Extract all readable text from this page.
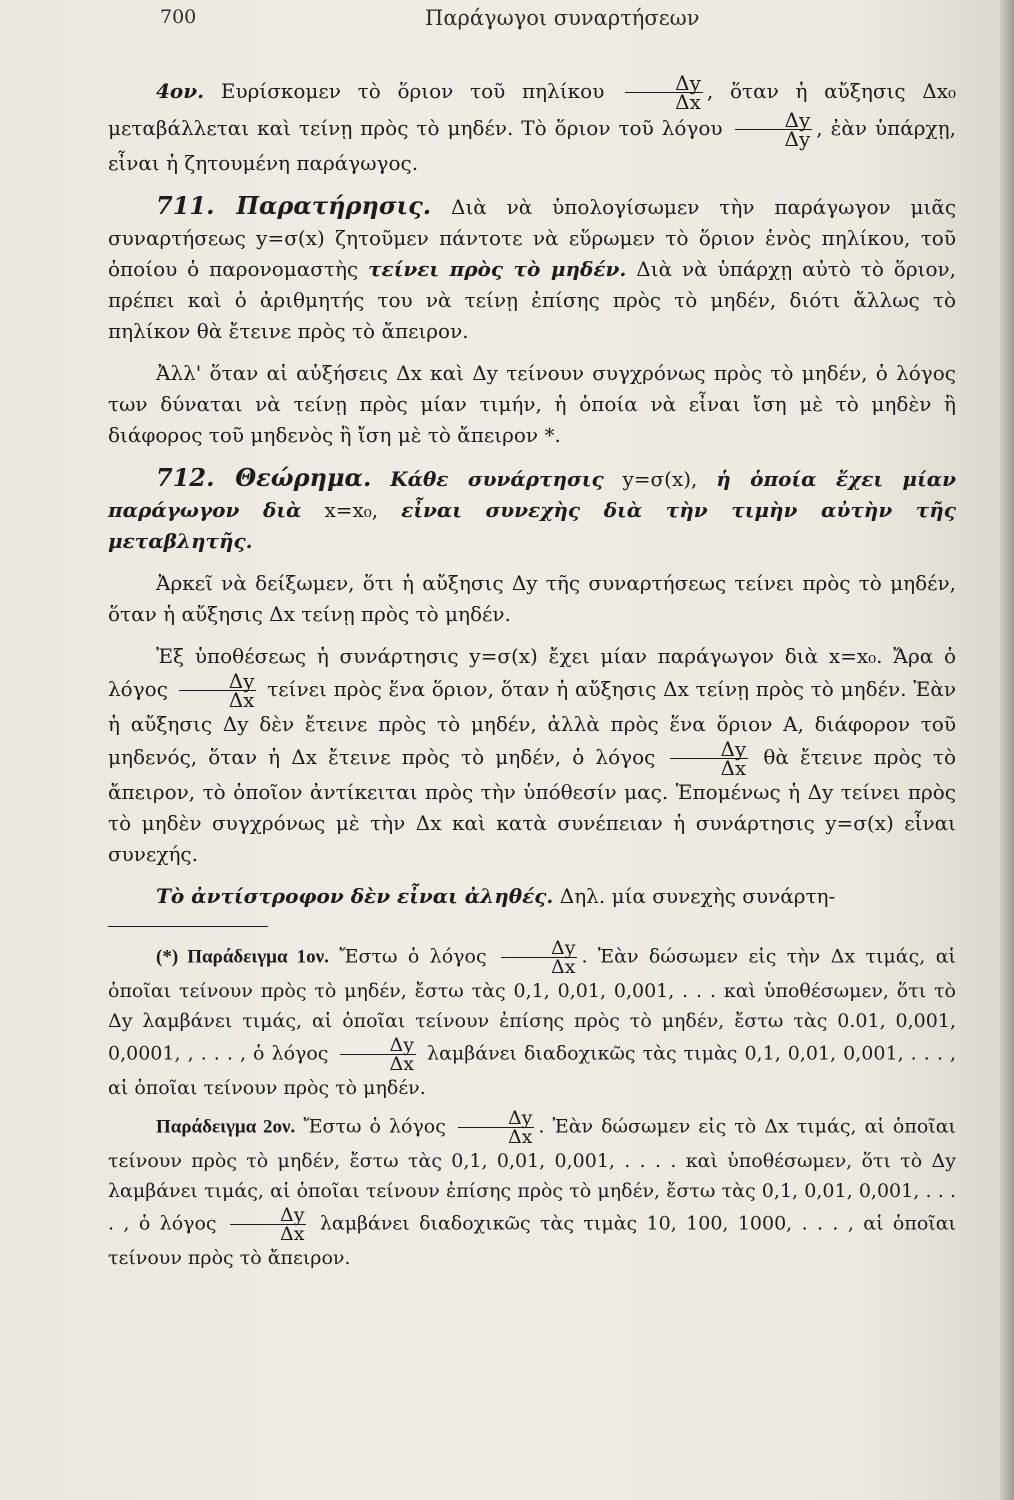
700	Παράγωγοι συναρτήσεων

4ον. Ευρίσκομεν τὸ ὅριον τοῦ πηλίκου $\frac{\Delta y}{\Delta x}$ , ὅταν ἡ αὔξησις Δx₀ μεταβάλλεται καὶ τείνῃ πρὸς τὸ μηδέν. Τὸ ὅριον τοῦ λόγου $\frac{\Delta y}{\Delta y}$ , ἐὰν ὑπάρχῃ, εἶναι ἡ ζητουμένη παράγωγος.

711. Παρατήρησις. Διὰ νὰ ὑπολογίσωμεν τὴν παράγωγον μιᾶς συναρτήσεως y=σ(x) ζητοῦμεν πάντοτε νὰ εὕρωμεν τὸ ὅριον ἑνὸς πηλίκου, τοῦ ὁποίου ὁ παρονομαστὴς τείνει πρὸς τὸ μηδέν. Διὰ νὰ ὑπάρχῃ αὐτὸ τὸ ὅριον, πρέπει καὶ ὁ ἀριθμητής του νὰ τείνῃ ἐπίσης πρὸς τὸ μηδέν, διότι ἄλλως τὸ πηλίκον θὰ ἔτεινε πρὸς τὸ ἄπειρον.

Ἀλλ' ὅταν αἱ αὐξήσεις Δx καὶ Δy τείνουν συγχρόνως πρὸς τὸ μηδέν, ὁ λόγος των δύναται νὰ τείνῃ πρὸς μίαν τιμήν, ἡ ὁποία νὰ εἶναι ἴση μὲ τὸ μηδὲν ἢ διάφορος τοῦ μηδενὸς ἢ ἴση μὲ τὸ ἄπειρον *.

712. Θεώρημα. Κάθε συνάρτησις y=σ(x), ἡ ὁποία ἔχει μίαν παράγωγον διὰ x=x₀, εἶναι συνεχὴς διὰ τὴν τιμὴν αὐτὴν τῆς μεταβλητῆς.

Ἀρκεῖ νὰ δείξωμεν, ὅτι ἡ αὔξησις Δy τῆς συναρτήσεως τείνει πρὸς τὸ μηδέν, ὅταν ἡ αὔξησις Δx τείνῃ πρὸς τὸ μηδέν.

Ἐξ ὑποθέσεως ἡ συνάρτησις y=σ(x) ἔχει μίαν παράγωγον διὰ x=x₀. Ἄρα ὁ λόγος $\frac{\Delta y}{\Delta x}$ τείνει πρὸς ἕνα ὅριον, ὅταν ἡ αὔξησις Δx τείνῃ πρὸς τὸ μηδέν. Ἐὰν ἡ αὔξησις Δy δὲν ἔτεινε πρὸς τὸ μηδέν, ἀλλὰ πρὸς ἕνα ὅριον A, διάφορον τοῦ μηδενός, ὅταν ἡ Δx ἔτεινε πρὸς τὸ μηδέν, ὁ λόγος $\frac{\Delta y}{\Delta x}$ θὰ ἔτεινε πρὸς τὸ ἄπειρον, τὸ ὁποῖον ἀντίκειται πρὸς τὴν ὑπόθεσίν μας. Ἑπομένως ἡ Δy τείνει πρὸς τὸ μηδὲν συγχρόνως μὲ τὴν Δx καὶ κατὰ συνέπειαν ἡ συνάρτησις y=σ(x) εἶναι συνεχής.

Τὸ ἀντίστροφον δὲν εἶναι ἀληθές. Δηλ. μία συνεχὴς συνάρτη-

(*) Παράδειγμα 1ον. Ἔστω ὁ λόγος $\frac{\Delta y}{\Delta x}$ . Ἐὰν δώσωμεν εἰς τὴν Δx τιμάς, αἱ ὁποῖαι τείνουν πρὸς τὸ μηδέν, ἔστω τὰς 0,1, 0,01, 0,001, . . . καὶ ὑποθέσωμεν, ὅτι τὸ Δy λαμβάνει τιμάς, αἱ ὁποῖαι τείνουν ἐπίσης πρὸς τὸ μηδέν, ἔστω τὰς 0.01, 0,001, 0,0001, , . . . , ὁ λόγος $\frac{\Delta y}{\Delta x}$ λαμβάνει διαδοχικῶς τὰς τιμὰς 0,1, 0,01, 0,001, . . . , αἱ ὁποῖαι τείνουν πρὸς τὸ μηδέν.

Παράδειγμα 2ον. Ἔστω ὁ λόγος $\frac{\Delta y}{\Delta x}$ . Ἐὰν δώσωμεν εἰς τὸ Δx τιμάς, αἱ ὁποῖαι τείνουν πρὸς τὸ μηδέν, ἔστω τὰς 0,1, 0,01, 0,001, . . . . καὶ ὑποθέσωμεν, ὅτι τὸ Δy λαμβάνει τιμάς, αἱ ὁποῖαι τείνουν ἐπίσης πρὸς τὸ μηδέν, ἔστω τὰς 0,1, 0,01, 0,001, . . . . , ὁ λόγος $\frac{\Delta y}{\Delta x}$ λαμβάνει διαδοχικῶς τὰς τιμὰς 10, 100, 1000, . . . , αἱ ὁποῖαι τείνουν πρὸς τὸ ἄπειρον.
